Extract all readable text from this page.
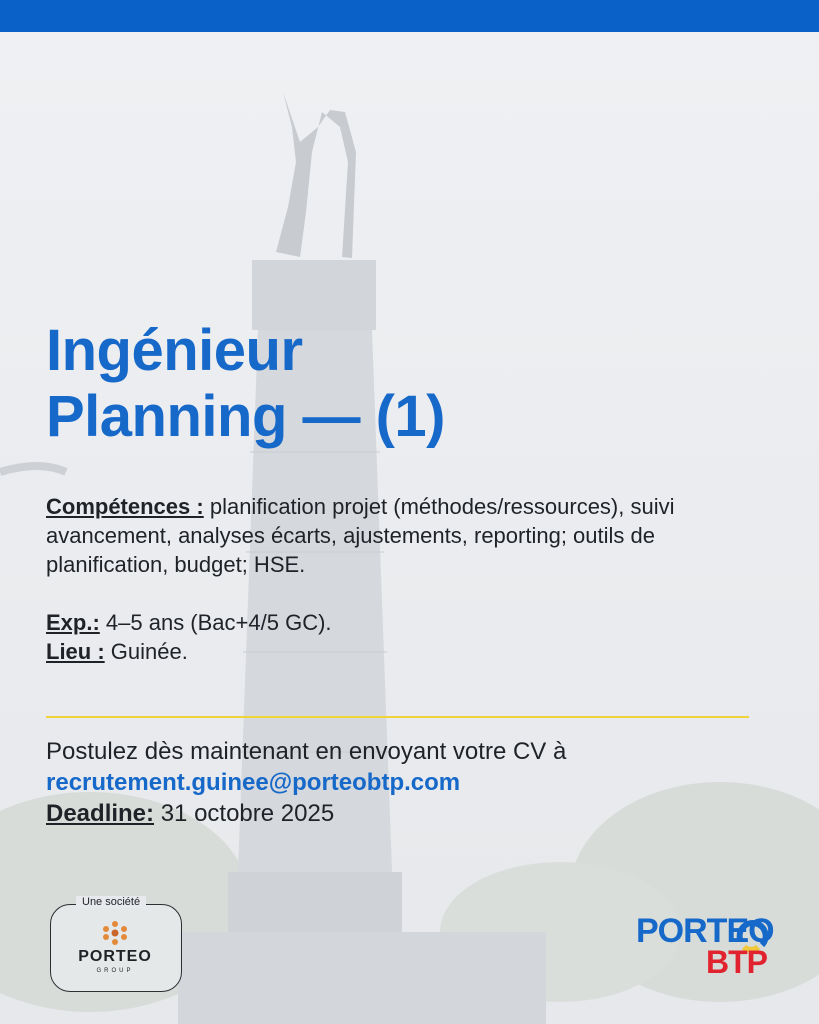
Ingénieur
Planning — (1)

Compétences : planification projet (méthodes/ressources), suivi avancement, analyses écarts, ajustements, reporting; outils de planification, budget; HSE.

Exp.: 4–5 ans (Bac+4/5 GC).

Lieu : Guinée.

Postulez dès maintenant en envoyant votre CV à

recrutement.guinee@porteobtp.com

Deadline: 31 octobre 2025

Une société
PORTEO
GROUP
PORTEO
BTP
